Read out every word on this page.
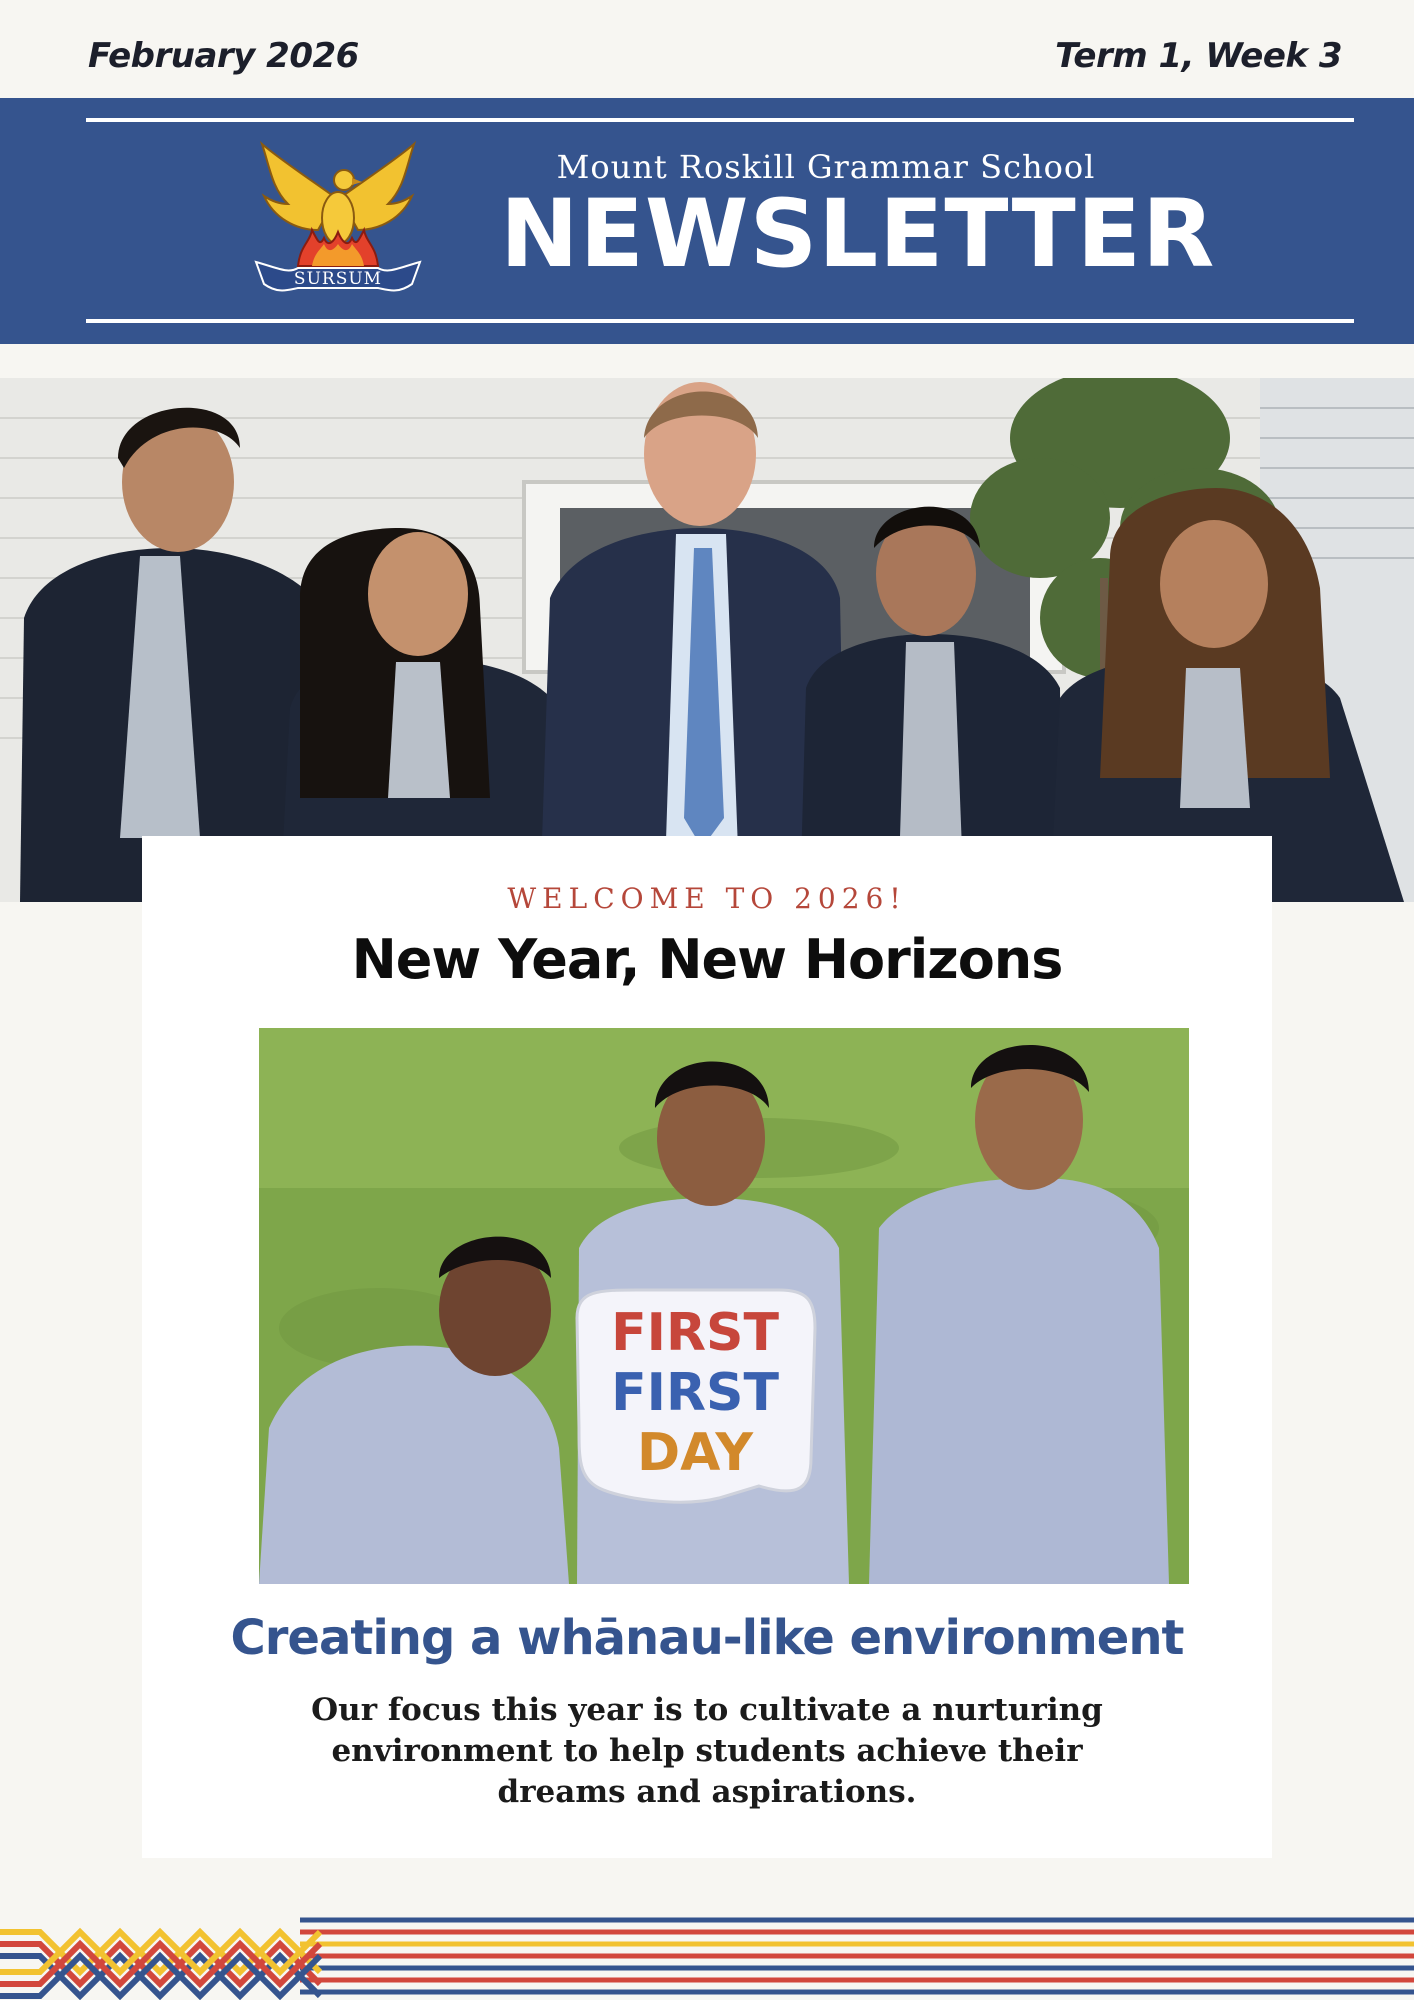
February 2026	Term 1, Week 3
SURSUM
Mount Roskill Grammar School
NEWSLETTER
WELCOME TO 2026!
New Year, New Horizons
FIRST
FIRST
DAY
Creating a whānau-like environment
Our focus this year is to cultivate a nurturing environment to help students achieve their dreams and aspirations.
